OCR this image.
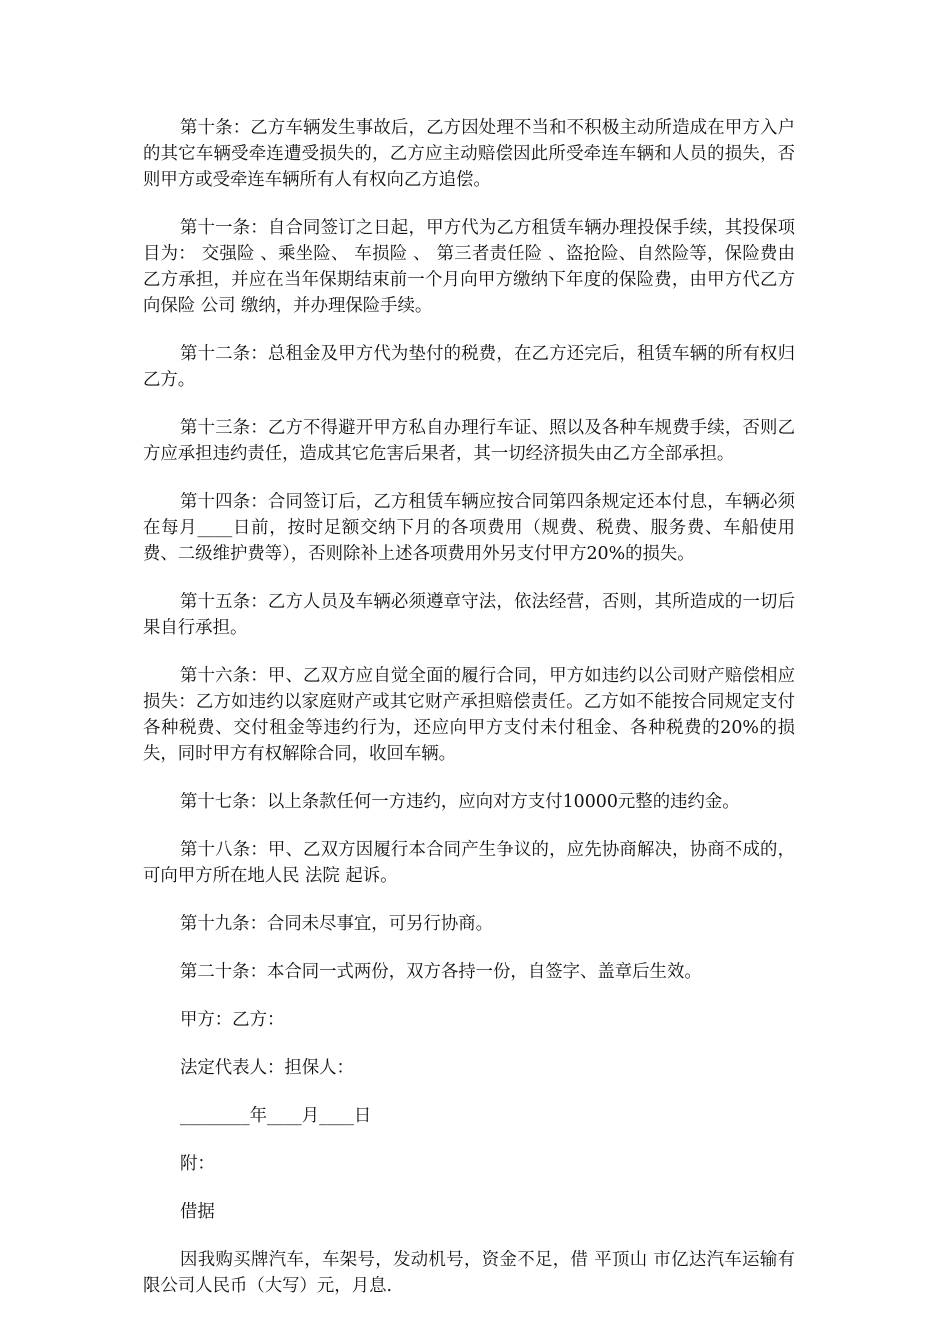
第十条：乙方车辆发生事故后，乙方因处理不当和不积极主动所造成在甲方入户的其它车辆受牵连遭受损失的，乙方应主动赔偿因此所受牵连车辆和人员的损失，否则甲方或受牵连车辆所有人有权向乙方追偿。

第十一条：自合同签订之日起，甲方代为乙方租赁车辆办理投保手续，其投保项目为： 交强险 、乘坐险、 车损险 、 第三者责任险 、盗抢险、自然险等，保险费由乙方承担，并应在当年保期结束前一个月向甲方缴纳下年度的保险费，由甲方代乙方向保险 公司 缴纳，并办理保险手续。

第十二条：总租金及甲方代为垫付的税费，在乙方还完后，租赁车辆的所有权归乙方。

第十三条：乙方不得避开甲方私自办理行车证、照以及各种车规费手续，否则乙方应承担违约责任，造成其它危害后果者，其一切经济损失由乙方全部承担。

第十四条：合同签订后，乙方租赁车辆应按合同第四条规定还本付息，车辆必须在每月____日前，按时足额交纳下月的各项费用（规费、税费、服务费、车船使用费、二级维护费等），否则除补上述各项费用外另支付甲方20%的损失。

第十五条：乙方人员及车辆必须遵章守法，依法经营，否则，其所造成的一切后果自行承担。

第十六条：甲、乙双方应自觉全面的履行合同，甲方如违约以公司财产赔偿相应损失：乙方如违约以家庭财产或其它财产承担赔偿责任。乙方如不能按合同规定支付各种税费、交付租金等违约行为，还应向甲方支付未付租金、各种税费的20%的损失，同时甲方有权解除合同，收回车辆。

第十七条：以上条款任何一方违约，应向对方支付10000元整的违约金。

第十八条：甲、乙双方因履行本合同产生争议的，应先协商解决，协商不成的，可向甲方所在地人民 法院 起诉。

第十九条：合同未尽事宜，可另行协商。

第二十条：本合同一式两份，双方各持一份，自签字、盖章后生效。

甲方：乙方：

法定代表人：担保人：

________年____月____日

附：

借据

因我购买牌汽车，车架号，发动机号，资金不足，借 平顶山 市亿达汽车运输有限公司人民币（大写）元，月息.
